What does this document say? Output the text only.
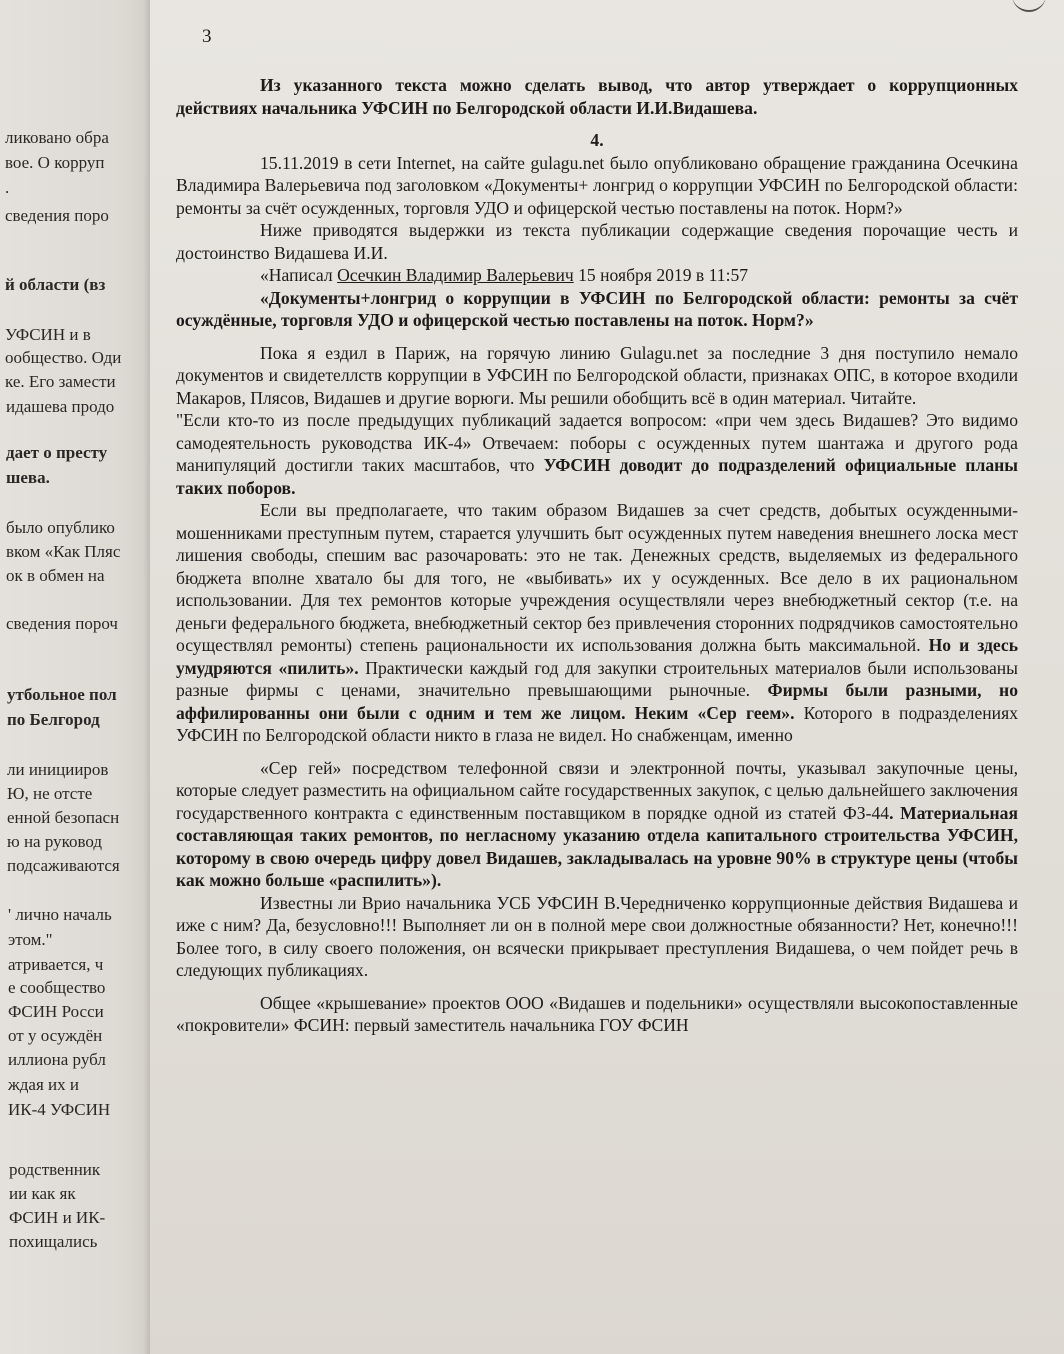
ликовано обра
вое. О корруп
.
сведения поро
й области (вз
УФСИН и в
ообщество. Оди
ке. Его замести
идашева продо
дает о престу
шева.
было опублико
вком «Как Пляс
ок в обмен на
сведения пороч
утбольное пол
по Белгород
ли иницииров
Ю, не отсте
енной безопасн
ю на руковод
подсаживаются
' лично началь
этом."
атривается, ч
е сообщество
ФСИН Росси
от у осуждён
иллиона рубл
ждая их и
ИК-4 УФСИН
родственник
ии как як
ФСИН и ИК-
похищались
3

Из указанного текста можно сделать вывод, что автор утверждает о коррупционных действиях начальника УФСИН по Белгородской области И.И.Видашева.

4.

15.11.2019 в сети Internet, на сайте gulagu.net было опубликовано обращение гражданина Осечкина Владимира Валерьевича под заголовком «Документы+ лонгрид о коррупции УФСИН по Белгородской области: ремонты за счёт осужденных, торговля УДО и офицерской честью поставлены на поток. Норм?»

Ниже приводятся выдержки из текста публикации содержащие сведения порочащие честь и достоинство Видашева И.И.

«Написал Осечкин Владимир Валерьевич 15 ноября 2019 в 11:57

«Документы+лонгрид о коррупции в УФСИН по Белгородской области: ремонты за счёт осуждённые, торговля УДО и офицерской честью поставлены на поток. Норм?»

Пока я ездил в Париж, на горячую линию Gulagu.net за последние 3 дня поступило немало документов и свидетеллств коррупции в УФСИН по Белгородской области, признаках ОПС, в которое входили Макаров, Плясов, Видашев и другие ворюги. Мы решили обобщить всё в один материал. Читайте.

"Если кто-то из после предыдущих публикаций задается вопросом: «при чем здесь Видашев? Это видимо самодеятельность руководства ИК-4» Отвечаем: поборы с осужденных путем шантажа и другого рода манипуляций достигли таких масштабов, что УФСИН доводит до подразделений официальные планы таких поборов.

Если вы предполагаете, что таким образом Видашев за счет средств, добытых осужденными-мошенниками преступным путем, старается улучшить быт осужденных путем наведения внешнего лоска мест лишения свободы, спешим вас разочаровать: это не так. Денежных средств, выделяемых из федерального бюджета вполне хватало бы для того, не «выбивать» их у осужденных. Все дело в их рациональном использовании. Для тех ремонтов которые учреждения осуществляли через внебюджетный сектор (т.е. на деньги федерального бюджета, внебюджетный сектор без привлечения сторонних подрядчиков самостоятельно осуществлял ремонты) степень рациональности их использования должна быть максимальной. Но и здесь умудряются «пилить». Практически каждый год для закупки строительных материалов были использованы разные фирмы с ценами, значительно превышающими рыночные. Фирмы были разными, но аффилированны они были с одним и тем же лицом. Неким «Сер геем». Которого в подразделениях УФСИН по Белгородской области никто в глаза не видел. Но снабженцам, именно

«Сер гей» посредством телефонной связи и электронной почты, указывал закупочные цены, которые следует разместить на официальном сайте государственных закупок, с целью дальнейшего заключения государственного контракта с единственным поставщиком в порядке одной из статей ФЗ-44. Материальная составляющая таких ремонтов, по негласному указанию отдела капитального строительства УФСИН, которому в свою очередь цифру довел Видашев, закладывалась на уровне 90% в структуре цены (чтобы как можно больше «распилить»).

Известны ли Врио начальника УСБ УФСИН В.Чередниченко коррупционные действия Видашева и иже с ним? Да, безусловно!!! Выполняет ли он в полной мере свои должностные обязанности? Нет, конечно!!! Более того, в силу своего положения, он всячески прикрывает преступления Видашева, о чем пойдет речь в следующих публикациях.

Общее «крышевание» проектов ООО «Видашев и подельники» осуществляли высокопоставленные «покровители» ФСИН: первый заместитель начальника ГОУ ФСИН
